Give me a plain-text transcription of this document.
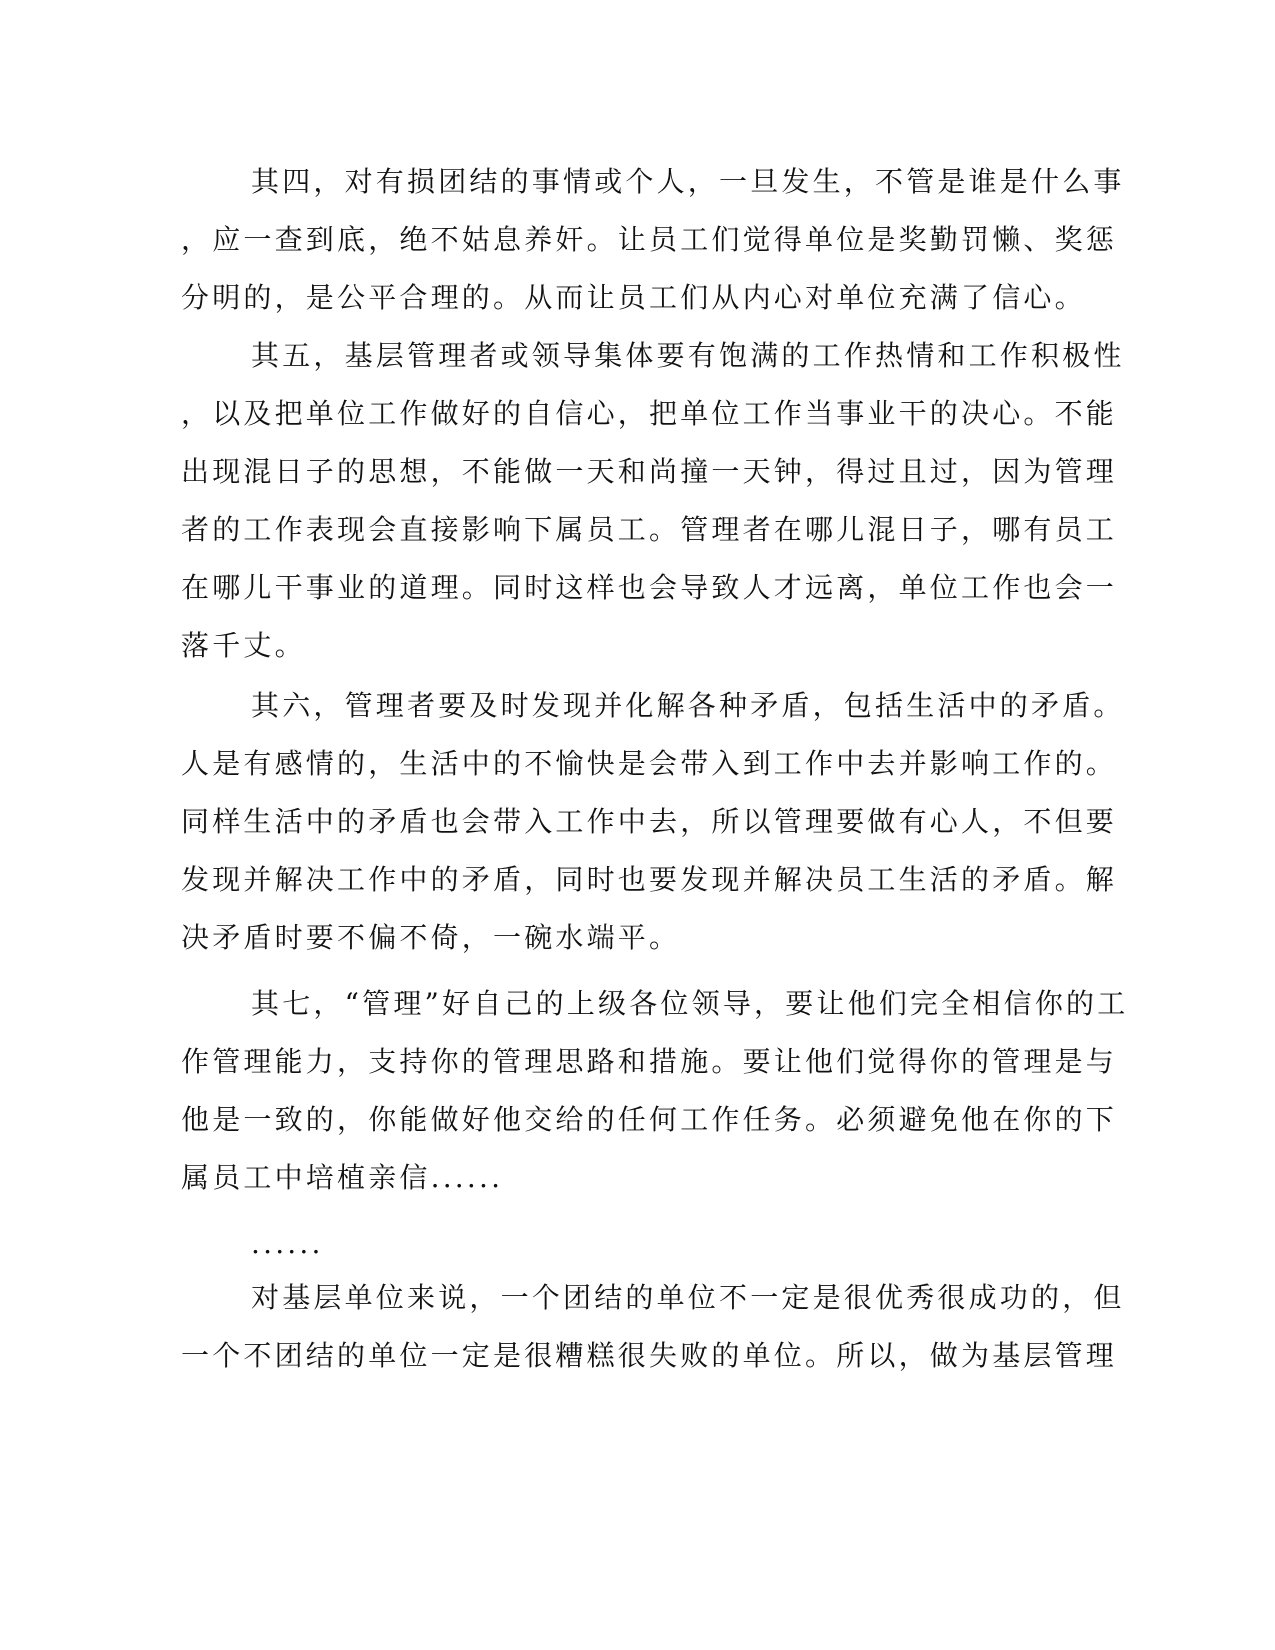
其四，对有损团结的事情或个人，一旦发生，不管是谁是什么事
，应一查到底，绝不姑息养奸。让员工们觉得单位是奖勤罚懒、奖惩
分明的，是公平合理的。从而让员工们从内心对单位充满了信心。
其五，基层管理者或领导集体要有饱满的工作热情和工作积极性
，以及把单位工作做好的自信心，把单位工作当事业干的决心。不能
出现混日子的思想，不能做一天和尚撞一天钟，得过且过，因为管理
者的工作表现会直接影响下属员工。管理者在哪儿混日子，哪有员工
在哪儿干事业的道理。同时这样也会导致人才远离，单位工作也会一
落千丈。
其六，管理者要及时发现并化解各种矛盾，包括生活中的矛盾。
人是有感情的，生活中的不愉快是会带入到工作中去并影响工作的。
同样生活中的矛盾也会带入工作中去，所以管理要做有心人，不但要
发现并解决工作中的矛盾，同时也要发现并解决员工生活的矛盾。解
决矛盾时要不偏不倚，一碗水端平。
其七，“管理”好自己的上级各位领导，要让他们完全相信你的工
作管理能力，支持你的管理思路和措施。要让他们觉得你的管理是与
他是一致的，你能做好他交给的任何工作任务。必须避免他在你的下
属员工中培植亲信......
......
对基层单位来说，一个团结的单位不一定是很优秀很成功的，但
一个不团结的单位一定是很糟糕很失败的单位。所以，做为基层管理
